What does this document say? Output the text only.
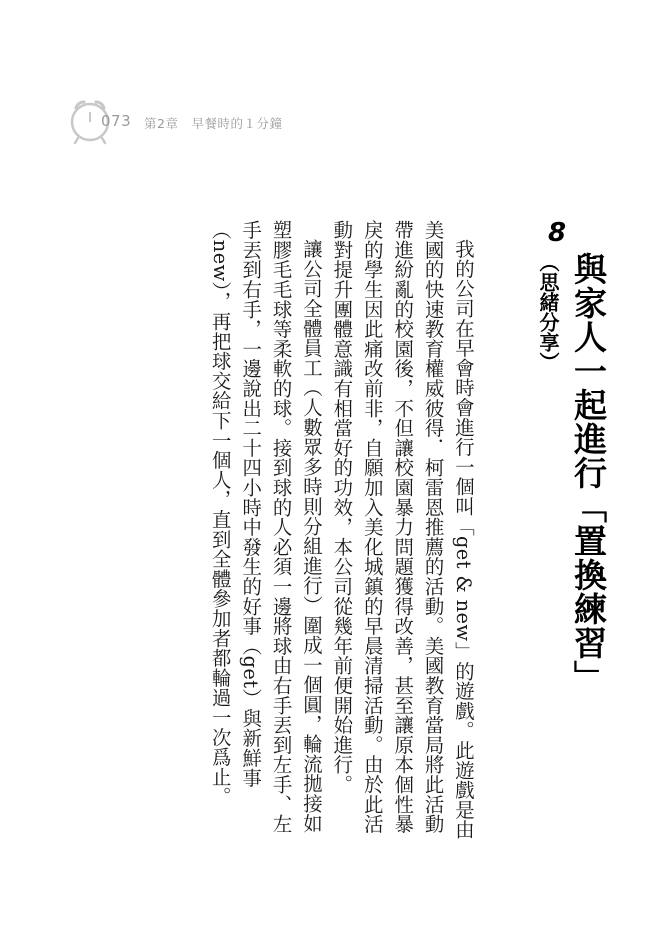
073 第2章　早餐時的１分鐘
8
與家人一起進行「置換練習」（思緒分享）

我的公司在早會時會進行一個叫「get & new」的遊戲。此遊戲是由美國的快速教育權威彼得．柯雷恩推薦的活動。美國教育當局將此活動帶進紛亂的校園後，不但讓校園暴力問題獲得改善，甚至讓原本個性暴戾的學生因此痛改前非，自願加入美化城鎮的早晨清掃活動。由於此活動對提升團體意識有相當好的功效，本公司從幾年前便開始進行。

讓公司全體員工（人數眾多時則分組進行）圍成一個圓，輪流拋接如塑膠毛毛球等柔軟的球。接到球的人必須一邊將球由右手丟到左手、左手丟到右手，一邊說出二十四小時中發生的好事（get）與新鮮事（new），再把球交給下一個人，直到全體參加者都輪過一次爲止。
